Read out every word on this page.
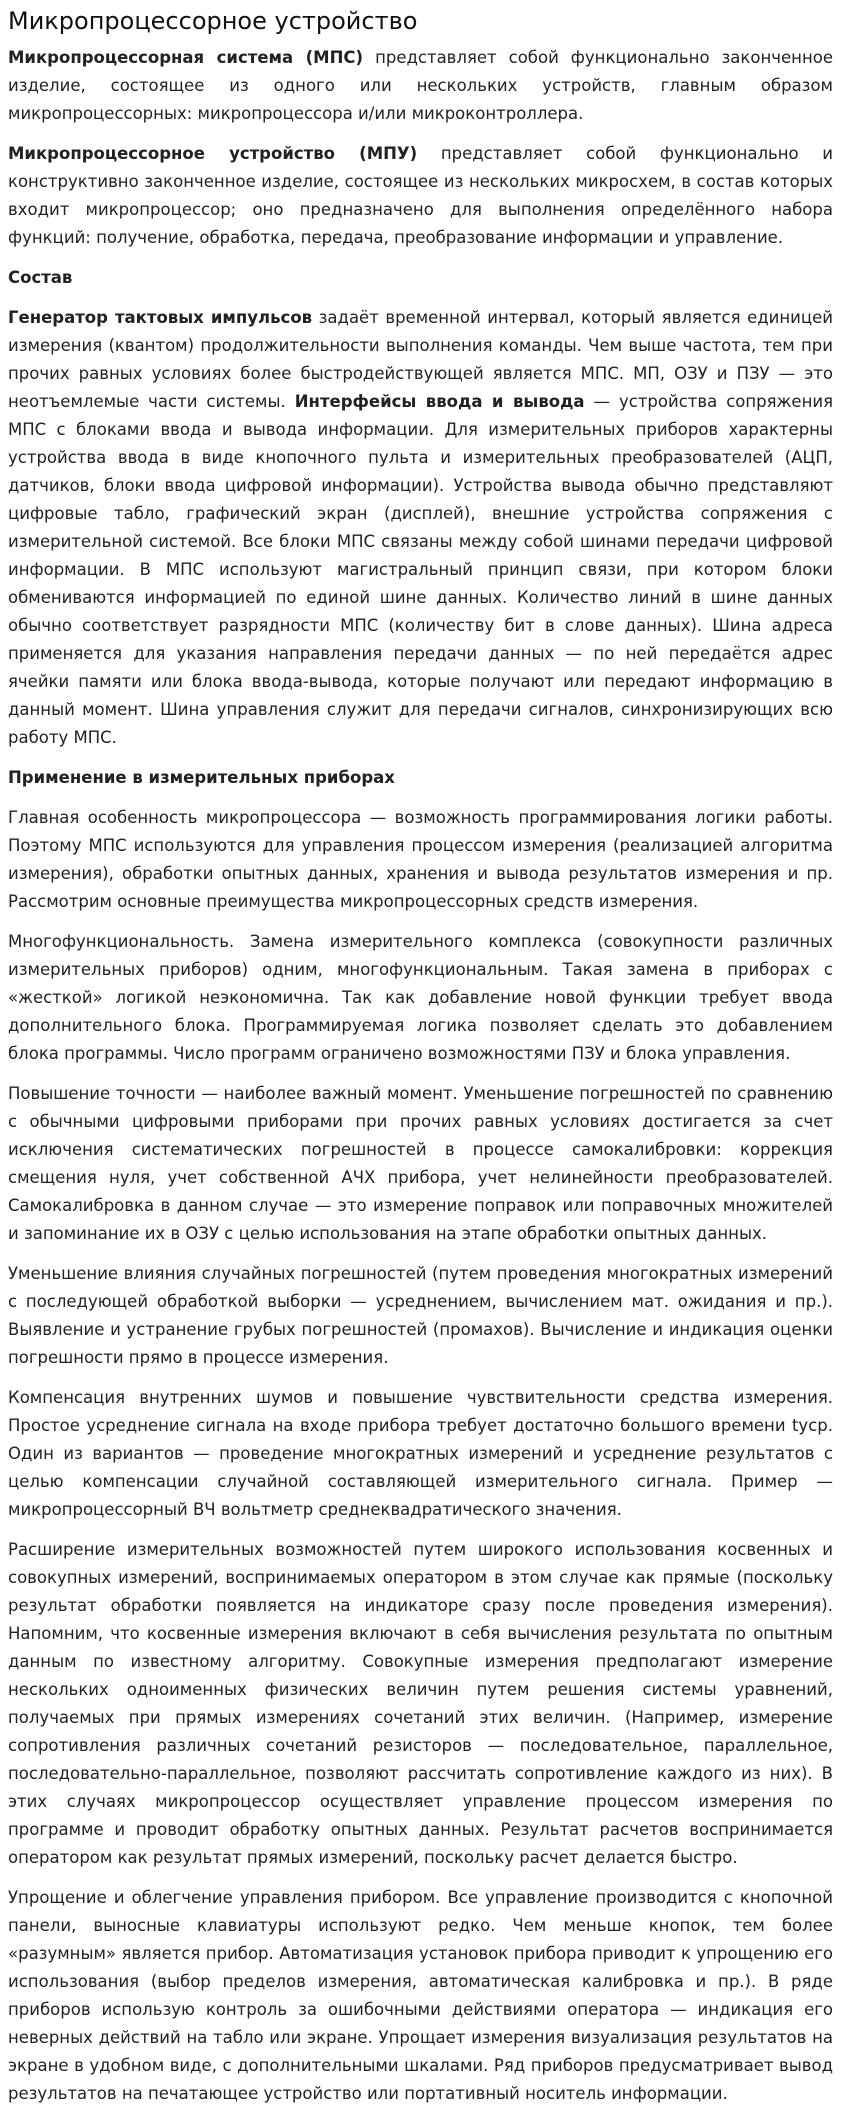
Микропроцессорное устройство

Микропроцессорная система (МПС) представляет собой функционально законченное изделие, состоящее из одного или нескольких устройств, главным образом микропроцессорных: микропроцессора и/или микроконтроллера.

Микропроцессорное устройство (МПУ) представляет собой функционально и конструктивно законченное изделие, состоящее из нескольких микросхем, в состав которых входит микропроцессор; оно предназначено для выполнения определённого набора функций: получение, обработка, передача, преобразование информации и управление.

Состав

Генератор тактовых импульсов задаёт временной интервал, который является единицей измерения (квантом) продолжительности выполнения команды. Чем выше частота, тем при прочих равных условиях более быстродействующей является МПС. МП, ОЗУ и ПЗУ — это неотъемлемые части системы. Интерфейсы ввода и вывода — устройства сопряжения МПС с блоками ввода и вывода информации. Для измерительных приборов характерны устройства ввода в виде кнопочного пульта и измерительных преобразователей (АЦП, датчиков, блоки ввода цифровой информации). Устройства вывода обычно представляют цифровые табло, графический экран (дисплей), внешние устройства сопряжения с измерительной системой. Все блоки МПС связаны между собой шинами передачи цифровой информации. В МПС используют магистральный принцип связи, при котором блоки обмениваются информацией по единой шине данных. Количество линий в шине данных обычно соответствует разрядности МПС (количеству бит в слове данных). Шина адреса применяется для указания направления передачи данных — по ней передаётся адрес ячейки памяти или блока ввода-вывода, которые получают или передают информацию в данный момент. Шина управления служит для передачи сигналов, синхронизирующих всю работу МПС.

Применение в измерительных приборах

Главная особенность микропроцессора — возможность программирования логики работы. Поэтому МПС используются для управления процессом измерения (реализацией алгоритма измерения), обработки опытных данных, хранения и вывода результатов измерения и пр. Рассмотрим основные преимущества микропроцессорных средств измерения.

Многофункциональность. Замена измерительного комплекса (совокупности различных измерительных приборов) одним, многофункциональным. Такая замена в приборах с «жесткой» логикой неэкономична. Так как добавление новой функции требует ввода дополнительного блока. Программируемая логика позволяет сделать это добавлением блока программы. Число программ ограничено возможностями ПЗУ и блока управления.

Повышение точности — наиболее важный момент. Уменьшение погрешностей по сравнению с обычными цифровыми приборами при прочих равных условиях достигается за счет исключения систематических погрешностей в процессе самокалибровки: коррекция смещения нуля, учет собственной АЧХ прибора, учет нелинейности преобразователей. Самокалибровка в данном случае — это измерение поправок или поправочных множителей и запоминание их в ОЗУ с целью использования на этапе обработки опытных данных.

Уменьшение влияния случайных погрешностей (путем проведения многократных измерений с последующей обработкой выборки — усреднением, вычислением мат. ожидания и пр.). Выявление и устранение грубых погрешностей (промахов). Вычисление и индикация оценки погрешности прямо в процессе измерения.

Компенсация внутренних шумов и повышение чувствительности средства измерения. Простое усреднение сигнала на входе прибора требует достаточно большого времени tуср. Один из вариантов — проведение многократных измерений и усреднение результатов с целью компенсации случайной составляющей измерительного сигнала. Пример — микропроцессорный ВЧ вольтметр среднеквадратического значения.

Расширение измерительных возможностей путем широкого использования косвенных и совокупных измерений, воспринимаемых оператором в этом случае как прямые (поскольку результат обработки появляется на индикаторе сразу после проведения измерения). Напомним, что косвенные измерения включают в себя вычисления результата по опытным данным по известному алгоритму. Совокупные измерения предполагают измерение нескольких одноименных физических величин путем решения системы уравнений, получаемых при прямых измерениях сочетаний этих величин. (Например, измерение сопротивления различных сочетаний резисторов — последовательное, параллельное, последовательно-параллельное, позволяют рассчитать сопротивление каждого из них). В этих случаях микропроцессор осуществляет управление процессом измерения по программе и проводит обработку опытных данных. Результат расчетов воспринимается оператором как результат прямых измерений, поскольку расчет делается быстро.

Упрощение и облегчение управления прибором. Все управление производится с кнопочной панели, выносные клавиатуры используют редко. Чем меньше кнопок, тем более «разумным» является прибор. Автоматизация установок прибора приводит к упрощению его использования (выбор пределов измерения, автоматическая калибровка и пр.). В ряде приборов использую контроль за ошибочными действиями оператора — индикация его неверных действий на табло или экране. Упрощает измерения визуализация результатов на экране в удобном виде, с дополнительными шкалами. Ряд приборов предусматривает вывод результатов на печатающее устройство или портативный носитель информации.
